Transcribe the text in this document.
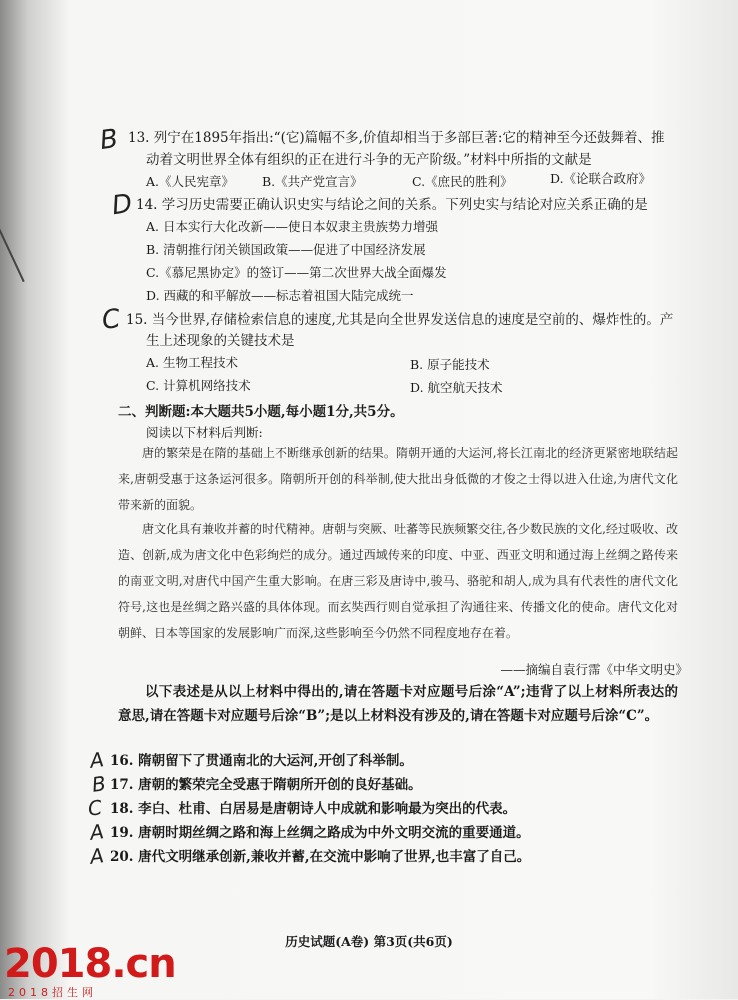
B 13. 列宁在1895年指出:“(它)篇幅不多,价值却相当于多部巨著:它的精神至今还鼓舞着、推
动着文明世界全体有组织的正在进行斗争的无产阶级。”材料中所指的文献是
A.《人民宪章》 B.《共产党宣言》	C.《庶民的胜利》	D.《论联合政府》
D 14. 学习历史需要正确认识史实与结论之间的关系。下列史实与结论对应关系正确的是
A. 日本实行大化改新——使日本奴隶主贵族势力增强
B. 清朝推行闭关锁国政策——促进了中国经济发展
C.《慕尼黑协定》的签订——第二次世界大战全面爆发
D. 西藏的和平解放——标志着祖国大陆完成统一
C 15. 当今世界,存储检索信息的速度,尤其是向全世界发送信息的速度是空前的、爆炸性的。产
生上述现象的关键技术是
A. 生物工程技术	B. 原子能技术
C. 计算机网络技术	D. 航空航天技术
二、判断题:本大题共5小题,每小题1分,共5分。
阅读以下材料后判断:

唐的繁荣是在隋的基础上不断继承创新的结果。隋朝开通的大运河,将长江南北的经济更紧密地联结起来,唐朝受惠于这条运河很多。隋朝所开创的科举制,使大批出身低微的才俊之士得以进入仕途,为唐代文化带来新的面貌。

唐文化具有兼收并蓄的时代精神。唐朝与突厥、吐蕃等民族频繁交往,各少数民族的文化,经过吸收、改造、创新,成为唐文化中色彩绚烂的成分。通过西域传来的印度、中亚、西亚文明和通过海上丝绸之路传来的南亚文明,对唐代中国产生重大影响。在唐三彩及唐诗中,骏马、骆驼和胡人,成为具有代表性的唐代文化符号,这也是丝绸之路兴盛的具体体现。而玄奘西行则自觉承担了沟通往来、传播文化的使命。唐代文化对朝鲜、日本等国家的发展影响广而深,这些影响至今仍然不同程度地存在着。

——摘编自袁行霈《中华文明史》

以下表述是从以上材料中得出的,请在答题卡对应题号后涂“A”;违背了以上材料所表达的意思,请在答题卡对应题号后涂“B”;是以上材料没有涉及的,请在答题卡对应题号后涂“C”。

A 16. 隋朝留下了贯通南北的大运河,开创了科举制。
B 17. 唐朝的繁荣完全受惠于隋朝所开创的良好基础。
C 18. 李白、杜甫、白居易是唐朝诗人中成就和影响最为突出的代表。
A 19. 唐朝时期丝绸之路和海上丝绸之路成为中外文明交流的重要通道。
A 20. 唐代文明继承创新,兼收并蓄,在交流中影响了世界,也丰富了自己。
历史试题(A卷) 第3页(共6页)
2018.cn
2018招生网
